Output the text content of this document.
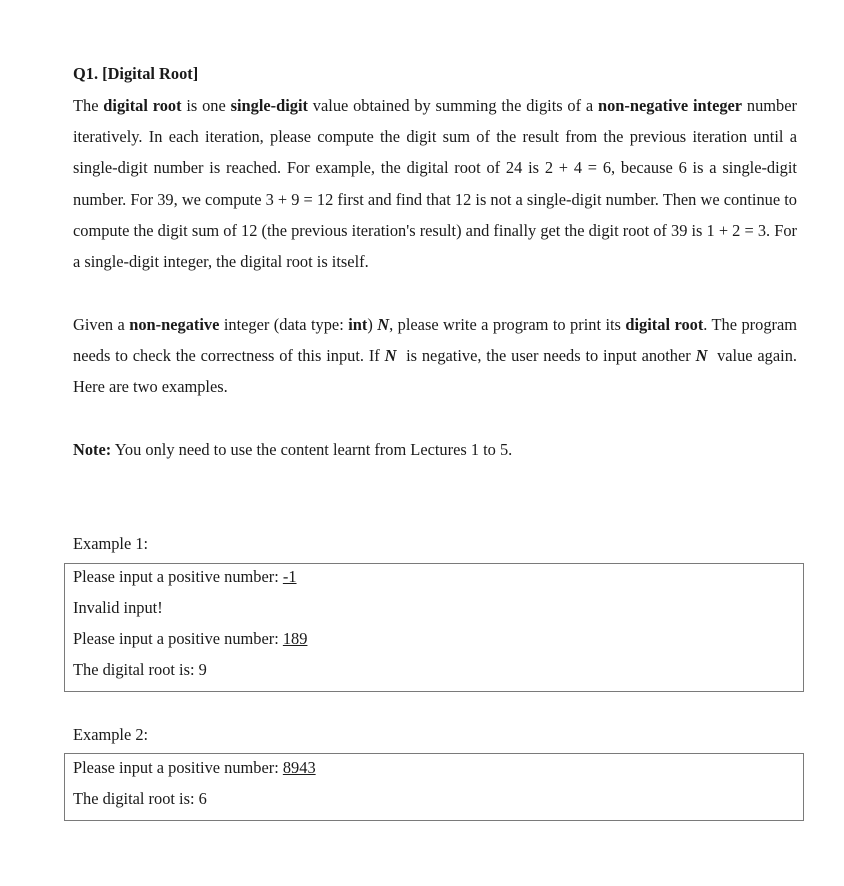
Q1. [Digital Root]

The digital root is one single-digit value obtained by summing the digits of a non-negative integer number iteratively. In each iteration, please compute the digit sum of the result from the previous iteration until a single-digit number is reached. For example, the digital root of 24 is 2 + 4 = 6, because 6 is a single-digit number. For 39, we compute 3 + 9 = 12 first and find that 12 is not a single-digit number. Then we continue to compute the digit sum of 12 (the previous iteration's result) and finally get the digit root of 39 is 1 + 2 = 3. For a single-digit integer, the digital root is itself.

Given a non-negative integer (data type: int) N, please write a program to print its digital root. The program needs to check the correctness of this input. If N  is negative, the user needs to input another N  value again. Here are two examples.

Note: You only need to use the content learnt from Lectures 1 to 5.

Example 1:
Please input a positive number: -1
Invalid input!
Please input a positive number: 189
The digital root is: 9
Example 2:
Please input a positive number: 8943
The digital root is: 6
